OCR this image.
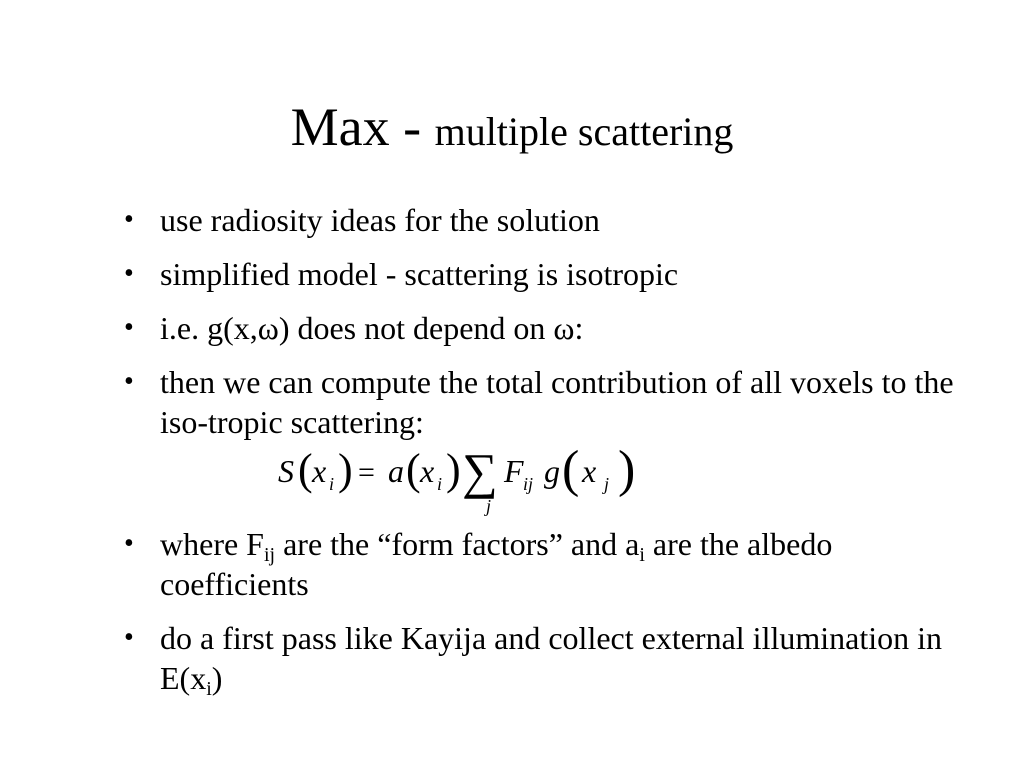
Max - multiple scattering
• use radiosity ideas for the solution
• simplified model - scattering is isotropic
• i.e. g(x,ω) does not depend on ω:
• then we can compute the total contribution of all voxels to the iso-tropic scattering:
S ( x i ) = a ( x i ) ∑
j
F ij g ( x j )
• where $F_{ij}$ are the “form factors” and $a_i$ are the albedo coefficients
• do a first pass like Kayija and collect external illumination in $E(x_i)$
